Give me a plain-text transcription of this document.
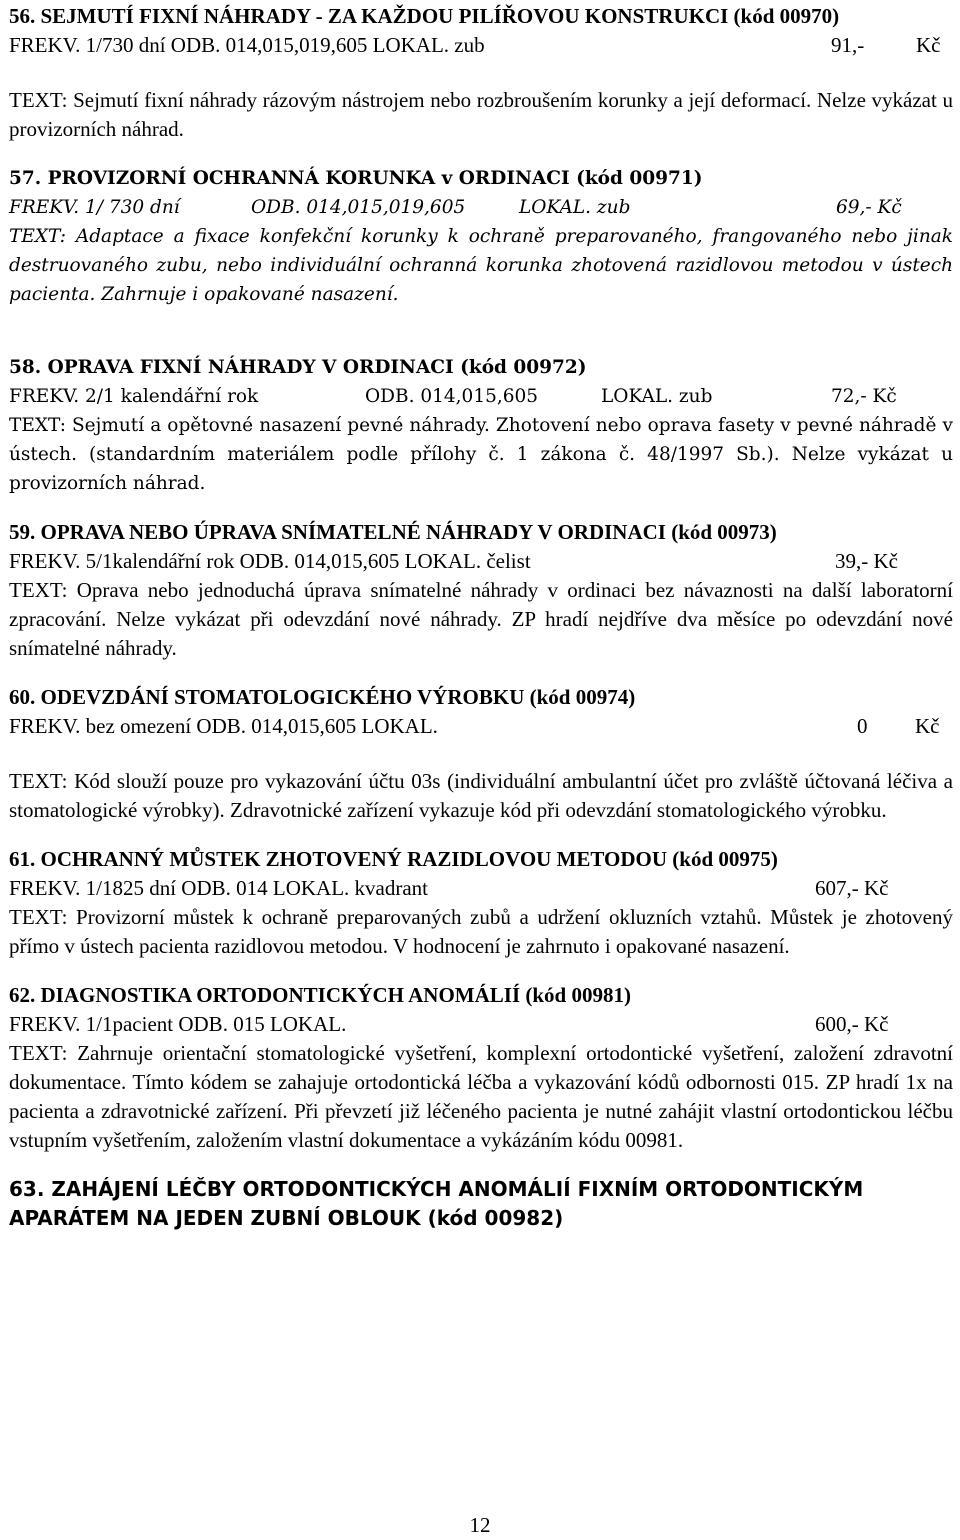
56. SEJMUTÍ FIXNÍ NÁHRADY - ZA KAŽDOU PILÍŘOVOU KONSTRUKCI (kód 00970)
FREKV. 1/730 dní ODB. 014,015,019,605 LOKAL. zub	91,-	Kč
TEXT: Sejmutí fixní náhrady rázovým nástrojem nebo rozbroušením korunky a její deformací. Nelze vykázat u provizorních náhrad.
57. PROVIZORNÍ OCHRANNÁ KORUNKA v ORDINACI (kód 00971)
FREKV. 1/ 730 dní	ODB. 014,015,019,605	LOKAL. zub	69,- Kč
TEXT: Adaptace a fixace konfekční korunky k ochraně preparovaného, frangovaného nebo jinak destruovaného zubu, nebo individuální ochranná korunka zhotovená razidlovou metodou v ústech pacienta. Zahrnuje i opakované nasazení.
58. OPRAVA FIXNÍ NÁHRADY V ORDINACI (kód 00972)
FREKV. 2/1 kalendářní rok	ODB. 014,015,605	LOKAL. zub	72,- Kč
TEXT: Sejmutí a opětovné nasazení pevné náhrady. Zhotovení nebo oprava fasety v pevné náhradě v ústech. (standardním materiálem podle přílohy č. 1 zákona č. 48/1997 Sb.). Nelze vykázat u provizorních náhrad.
59. OPRAVA NEBO ÚPRAVA SNÍMATELNÉ NÁHRADY V ORDINACI (kód 00973)
FREKV. 5/1kalendářní rok ODB. 014,015,605 LOKAL. čelist	39,- Kč
TEXT: Oprava nebo jednoduchá úprava snímatelné náhrady v ordinaci bez návaznosti na další laboratorní zpracování. Nelze vykázat při odevzdání nové náhrady. ZP hradí nejdříve dva měsíce po odevzdání nové snímatelné náhrady.
60. ODEVZDÁNÍ STOMATOLOGICKÉHO VÝROBKU (kód 00974)
FREKV. bez omezení ODB. 014,015,605 LOKAL.	0	Kč
TEXT: Kód slouží pouze pro vykazování účtu 03s (individuální ambulantní účet pro zvláště účtovaná léčiva a stomatologické výrobky). Zdravotnické zařízení vykazuje kód při odevzdání stomatologického výrobku.
61. OCHRANNÝ MŮSTEK ZHOTOVENÝ RAZIDLOVOU METODOU (kód 00975)
FREKV. 1/1825 dní ODB. 014 LOKAL. kvadrant	607,- Kč
TEXT: Provizorní můstek k ochraně preparovaných zubů a udržení okluzních vztahů. Můstek je zhotovený přímo v ústech pacienta razidlovou metodou. V hodnocení je zahrnuto i opakované nasazení.
62. DIAGNOSTIKA ORTODONTICKÝCH ANOMÁLIÍ (kód 00981)
FREKV. 1/1pacient ODB. 015 LOKAL.	600,- Kč
TEXT: Zahrnuje orientační stomatologické vyšetření, komplexní ortodontické vyšetření, založení zdravotní dokumentace. Tímto kódem se zahajuje ortodontická léčba a vykazování kódů odbornosti 015. ZP hradí 1x na pacienta a zdravotnické zařízení. Při převzetí již léčeného pacienta je nutné zahájit vlastní ortodontickou léčbu vstupním vyšetřením, založením vlastní dokumentace a vykázáním kódu 00981.
63. ZAHÁJENÍ LÉČBY ORTODONTICKÝCH ANOMÁLIÍ FIXNÍM ORTODONTICKÝM APARÁTEM NA JEDEN ZUBNÍ OBLOUK (kód 00982)
12
